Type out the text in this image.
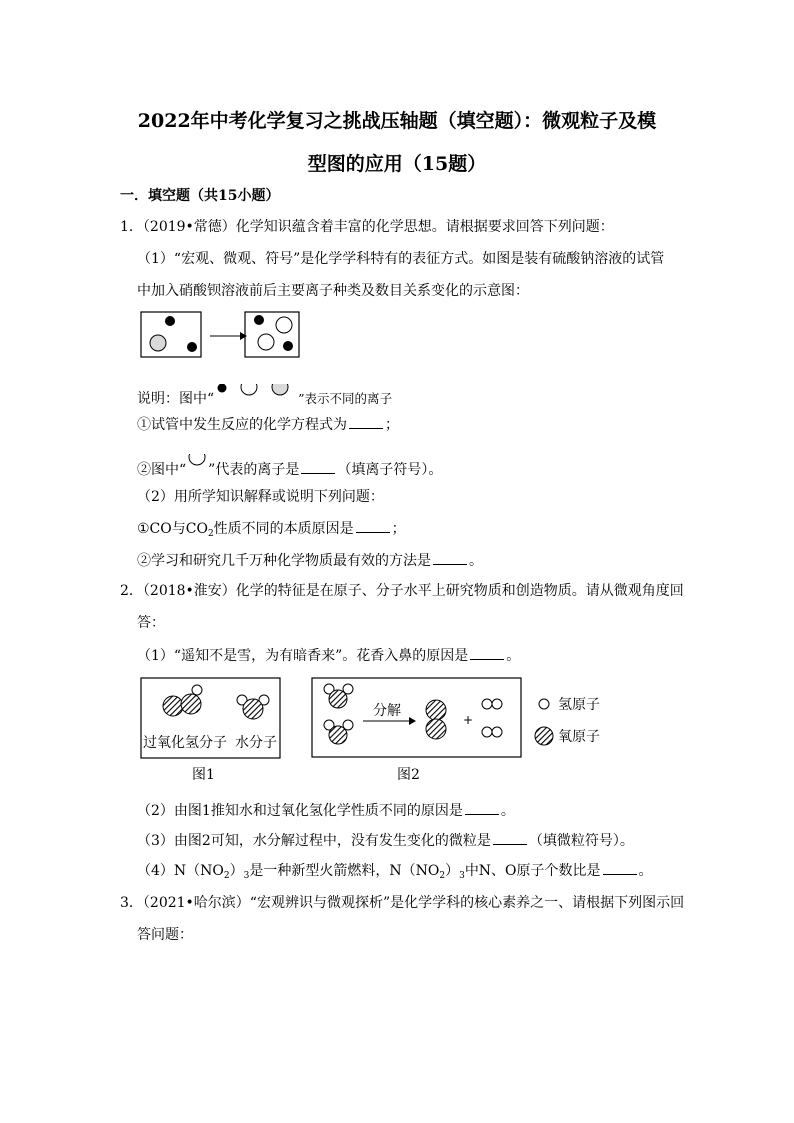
2022年中考化学复习之挑战压轴题（填空题）：微观粒子及模
型图的应用（15题）
一．填空题（共15小题）
1．（2019•常德）化学知识蕴含着丰富的化学思想。请根据要求回答下列问题：
（1）“宏观、微观、符号”是化学学科特有的表征方式。如图是装有硫酸钠溶液的试管
中加入硝酸钡溶液前后主要离子种类及数目关系变化的示意图：
说明：图中“	”表示不同的离子
①试管中发生反应的化学方程式为	；
②图中“ ”代表的离子是	（填离子符号）。
（2）用所学知识解释或说明下列问题：
①CO与$CO_2$性质不同的本质原因是	；
②学习和研究几千万种化学物质最有效的方法是	。
2．（2018•淮安）化学的特征是在原子、分子水平上研究物质和创造物质。请从微观角度回
答：
（1）“遥知不是雪，为有暗香来”。花香入鼻的原因是	。
过氧化氢分子 水分子
图1
分解
+
图2
氢原子
氧原子
（2）由图1推知水和过氧化氢化学性质不同的原因是	。
（3）由图2可知，水分解过程中，没有发生变化的微粒是	（填微粒符号）。
$(4)N(NO_2)_3$是一种新型火箭燃料，$N(NO_2)_3$中N、O原子个数比是	。
3．（2021•哈尔滨）“宏观辨识与微观探析”是化学学科的核心素养之一、请根据下列图示回
答问题：
